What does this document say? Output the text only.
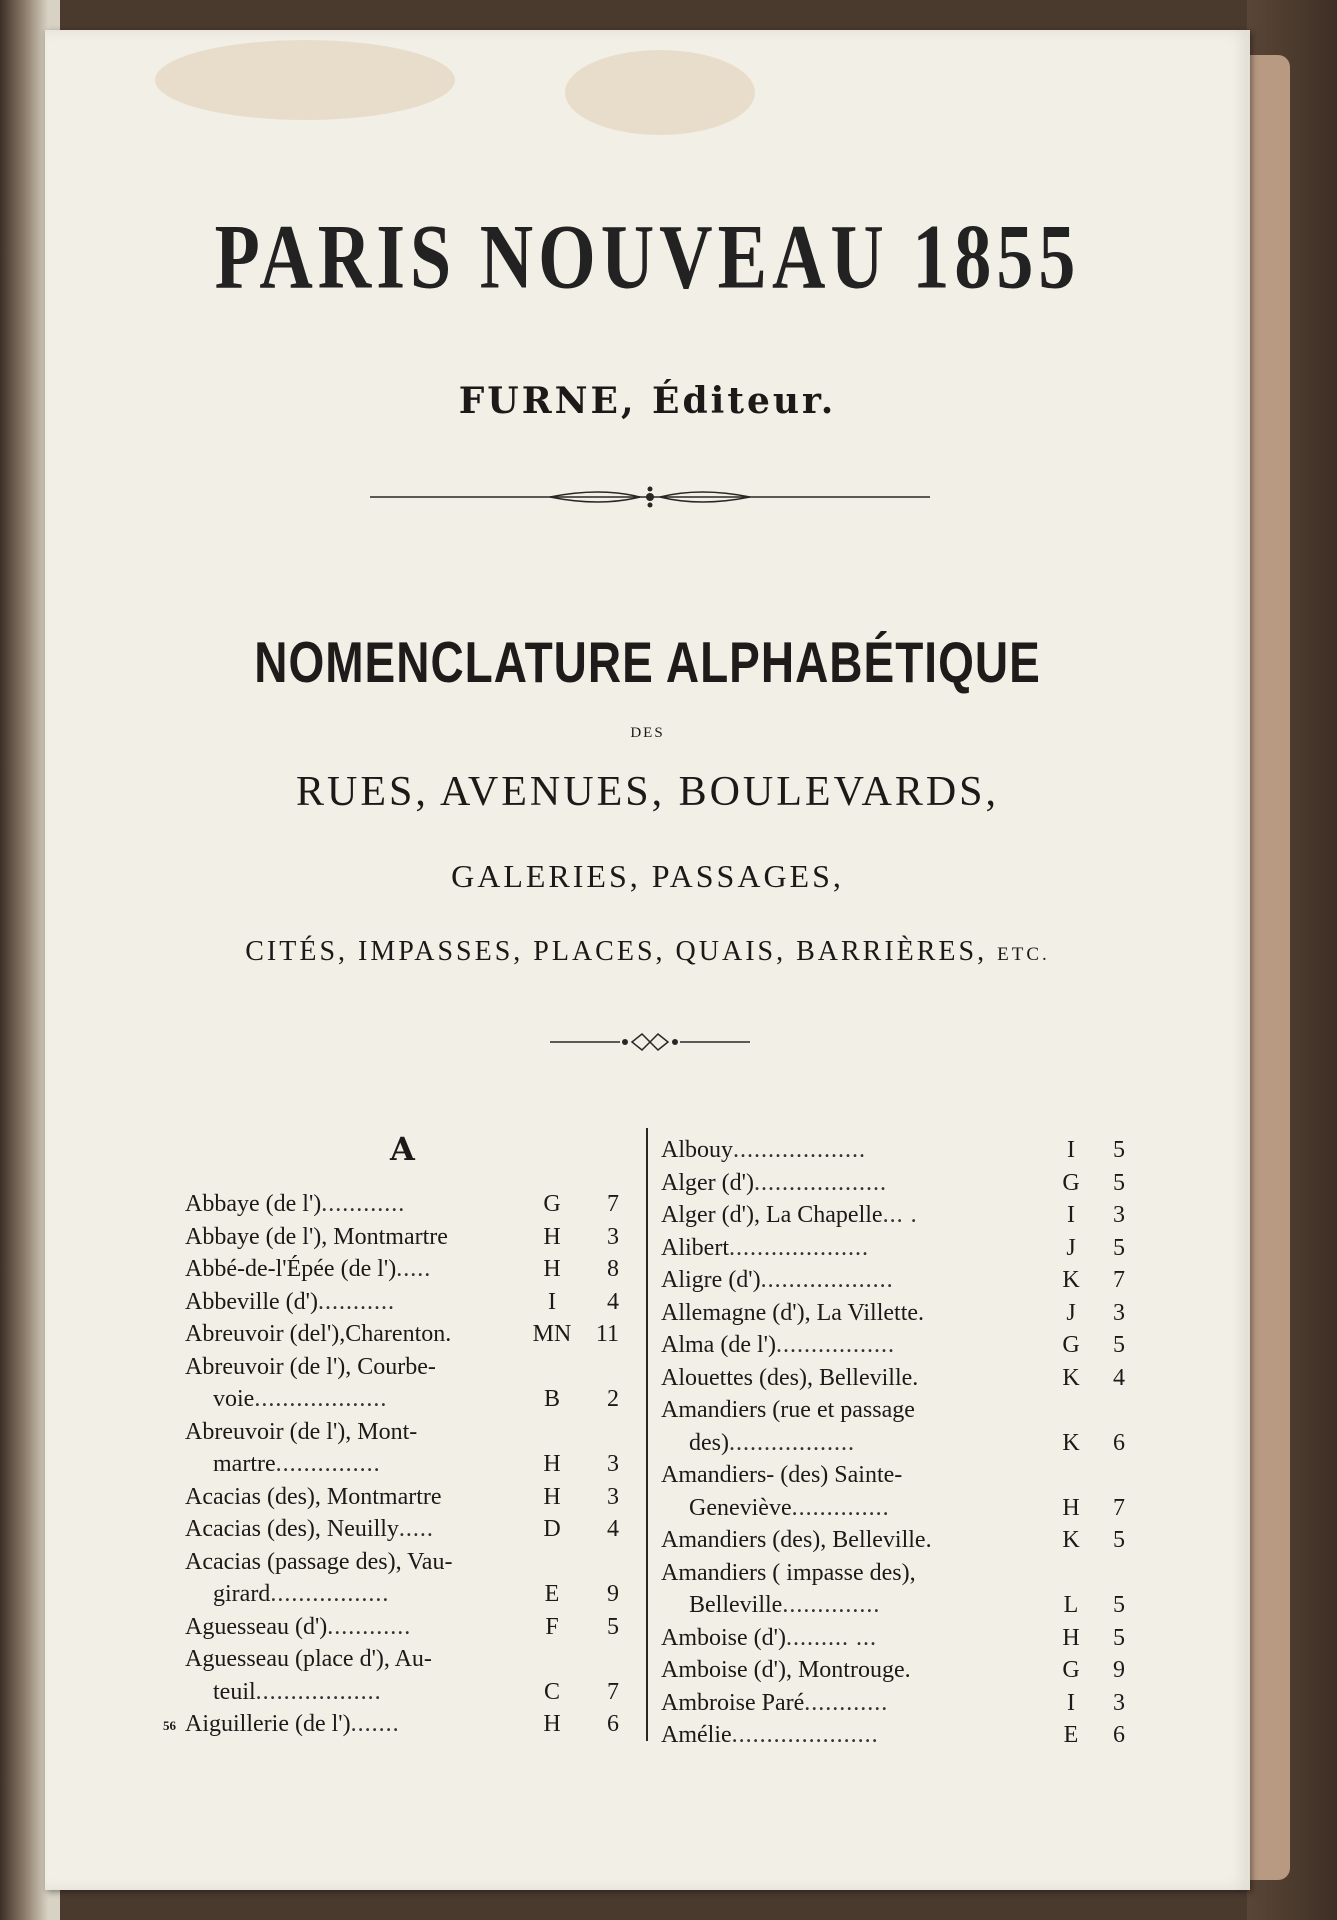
PARIS NOUVEAU 1855
FURNE, Éditeur.
NOMENCLATURE ALPHABÉTIQUE
DES
RUES, AVENUES, BOULEVARDS,
GALERIES, PASSAGES,
CITÉS, IMPASSES, PLACES, QUAIS, BARRIÈRES, ETC.
A
Abbaye (de l')............	G	7
Abbaye (de l'), Montmartre	H	3
Abbé-de-l'Épée (de l').....	H	8
Abbeville (d')...........	I	4
Abreuvoir (del'),Charenton.	MN	11
Abreuvoir (de l'), Courbe-
voie...................	B	2
Abreuvoir (de l'), Mont-
martre...............	H	3
Acacias (des), Montmartre	H	3
Acacias (des), Neuilly.....	D	4
Acacias (passage des), Vau-
girard.................	E	9
Aguesseau (d')............	F	5
Aguesseau (place d'), Au-
teuil..................	C	7
Aiguillerie (de l').......	H	6
56
Albouy...................	I	5
Alger (d')...................	G	5
Alger (d'), La Chapelle... .	I	3
Alibert....................	J	5
Aligre (d')...................	K	7
Allemagne (d'), La Villette.	J	3
Alma (de l').................	G	5
Alouettes (des), Belleville.	K	4
Amandiers (rue et passage
des)..................	K	6
Amandiers- (des) Sainte-
Geneviève..............	H	7
Amandiers (des), Belleville.	K	5
Amandiers ( impasse des),
Belleville..............	L	5
Amboise (d')......... ...	H	5
Amboise (d'), Montrouge.	G	9
Ambroise Paré............	I	3
Amélie.....................	E	6
